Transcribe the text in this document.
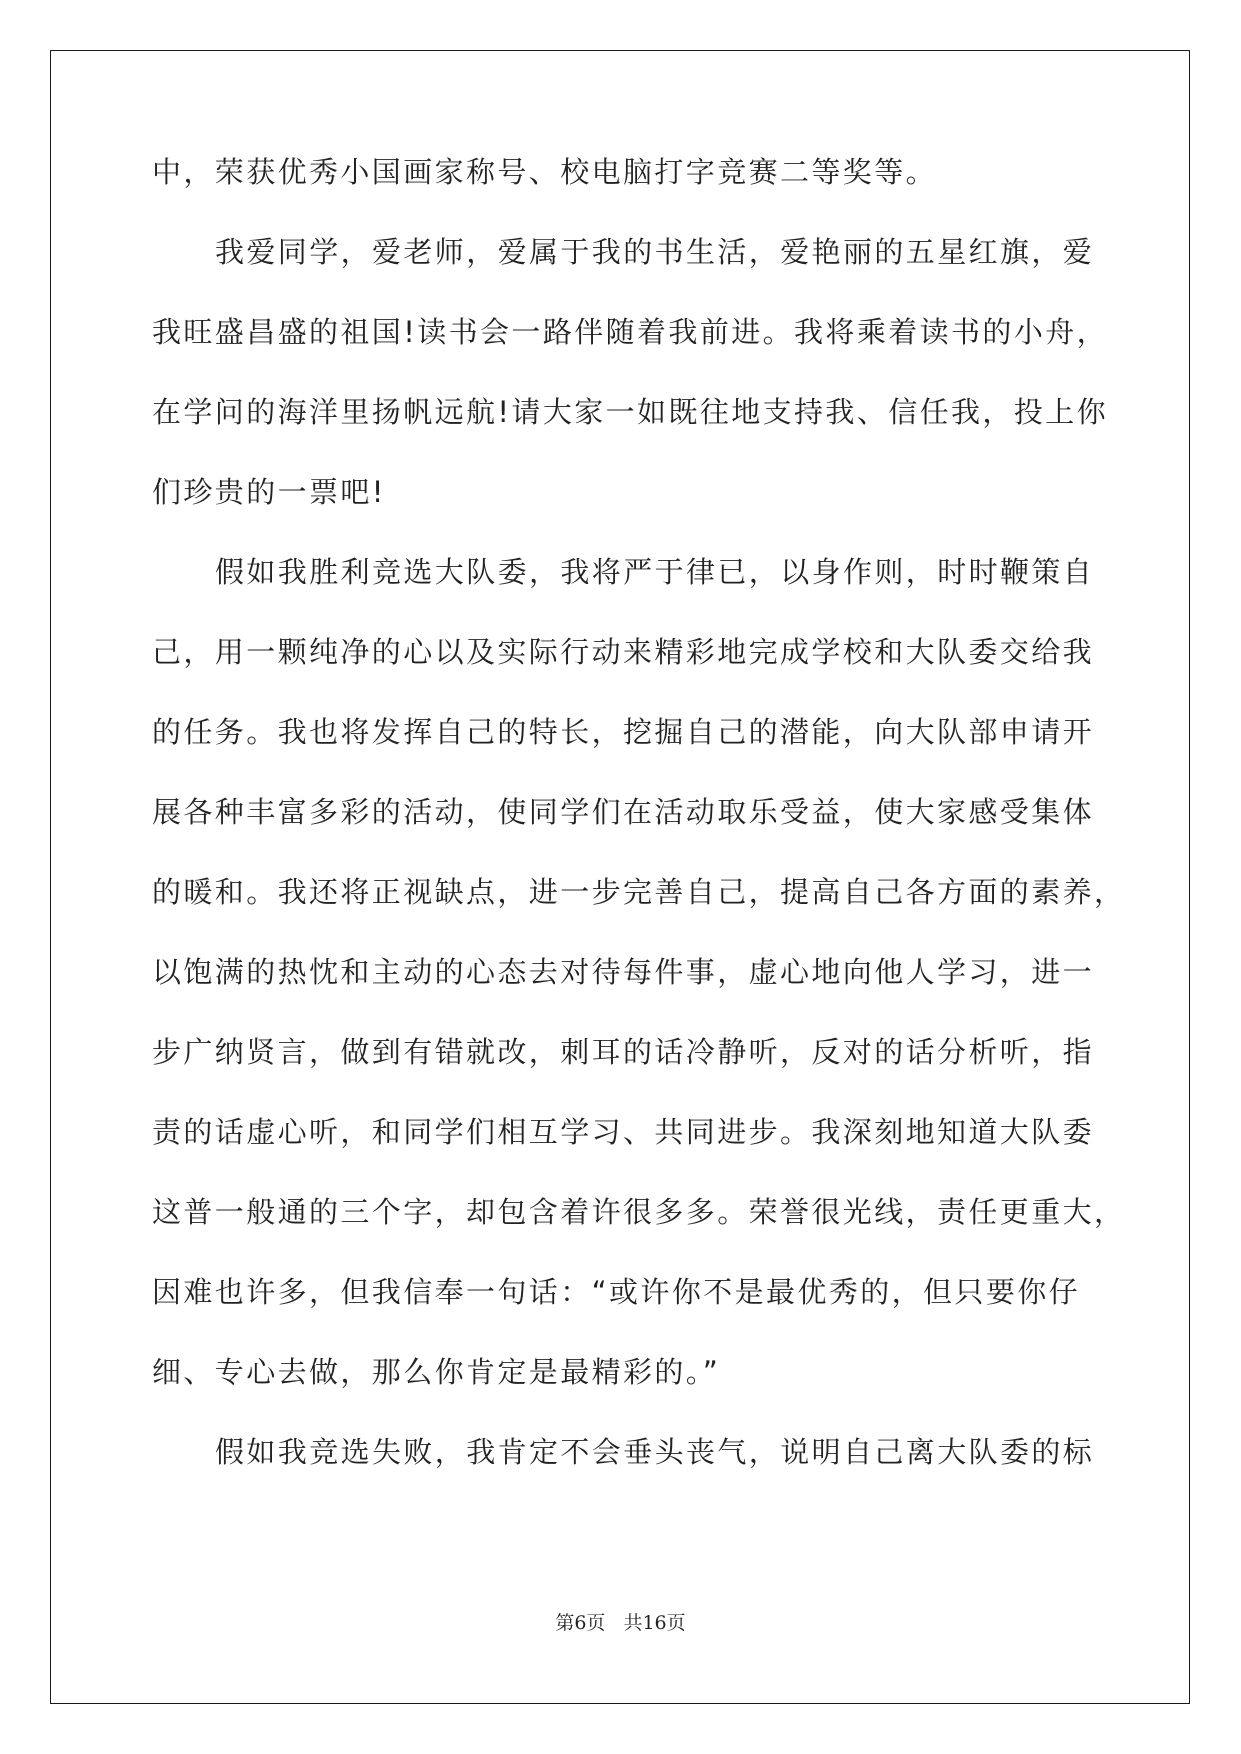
中，荣获优秀小国画家称号、校电脑打字竞赛二等奖等。
我爱同学，爱老师，爱属于我的书生活，爱艳丽的五星红旗，爱
我旺盛昌盛的祖国!读书会一路伴随着我前进。我将乘着读书的小舟，
在学问的海洋里扬帆远航!请大家一如既往地支持我、信任我，投上你
们珍贵的一票吧!
假如我胜利竞选大队委，我将严于律已，以身作则，时时鞭策自
己，用一颗纯净的心以及实际行动来精彩地完成学校和大队委交给我
的任务。我也将发挥自己的特长，挖掘自己的潜能，向大队部申请开
展各种丰富多彩的活动，使同学们在活动取乐受益，使大家感受集体
的暖和。我还将正视缺点，进一步完善自己，提高自己各方面的素养，
以饱满的热忱和主动的心态去对待每件事，虚心地向他人学习，进一
步广纳贤言，做到有错就改，刺耳的话冷静听，反对的话分析听，指
责的话虚心听，和同学们相互学习、共同进步。我深刻地知道大队委
这普一般通的三个字，却包含着许很多多。荣誉很光线，责任更重大，
因难也许多，但我信奉一句话：“或许你不是最优秀的，但只要你仔
细、专心去做，那么你肯定是最精彩的。”
假如我竞选失败，我肯定不会垂头丧气，说明自己离大队委的标
第6页 共16页
